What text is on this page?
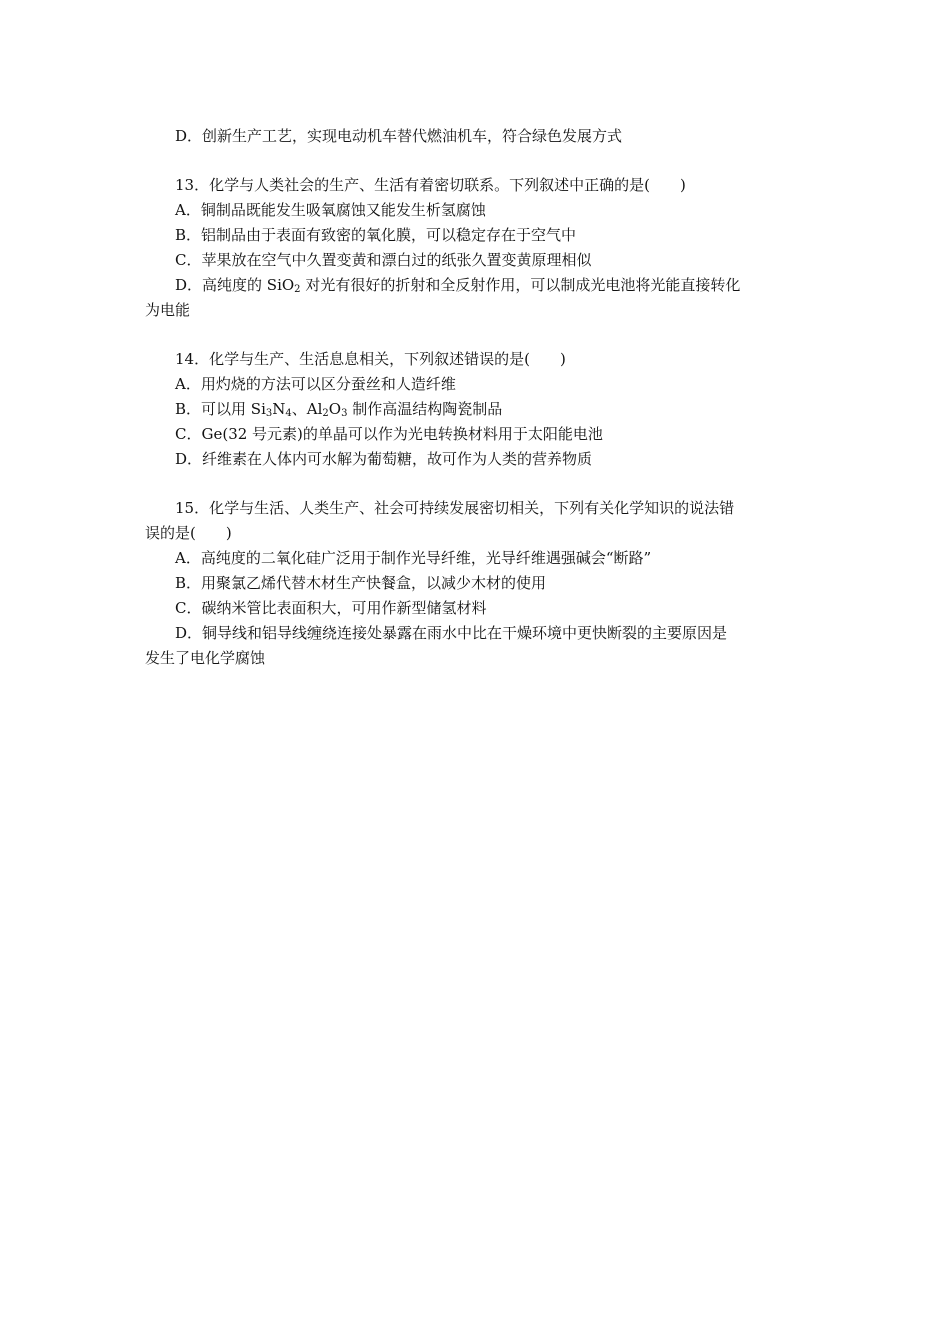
D．创新生产工艺，实现电动机车替代燃油机车，符合绿色发展方式
13．化学与人类社会的生产、生活有着密切联系。下列叙述中正确的是(　　)
A．铜制品既能发生吸氧腐蚀又能发生析氢腐蚀
B．铝制品由于表面有致密的氧化膜，可以稳定存在于空气中
C．苹果放在空气中久置变黄和漂白过的纸张久置变黄原理相似
D．高纯度的 SiO$_2$ 对光有很好的折射和全反射作用，可以制成光电池将光能直接转化
为电能
14．化学与生产、生活息息相关，下列叙述错误的是(　　)
A．用灼烧的方法可以区分蚕丝和人造纤维
B．可以用 $Si_3N_4$、$Al_2O_3$ 制作高温结构陶瓷制品
C．Ge(32 号元素)的单晶可以作为光电转换材料用于太阳能电池
D．纤维素在人体内可水解为葡萄糖，故可作为人类的营养物质
15．化学与生活、人类生产、社会可持续发展密切相关，下列有关化学知识的说法错
误的是(　　)
A．高纯度的二氧化硅广泛用于制作光导纤维，光导纤维遇强碱会“断路”
B．用聚氯乙烯代替木材生产快餐盒，以减少木材的使用
C．碳纳米管比表面积大，可用作新型储氢材料
D．铜导线和铝导线缠绕连接处暴露在雨水中比在干燥环境中更快断裂的主要原因是
发生了电化学腐蚀
